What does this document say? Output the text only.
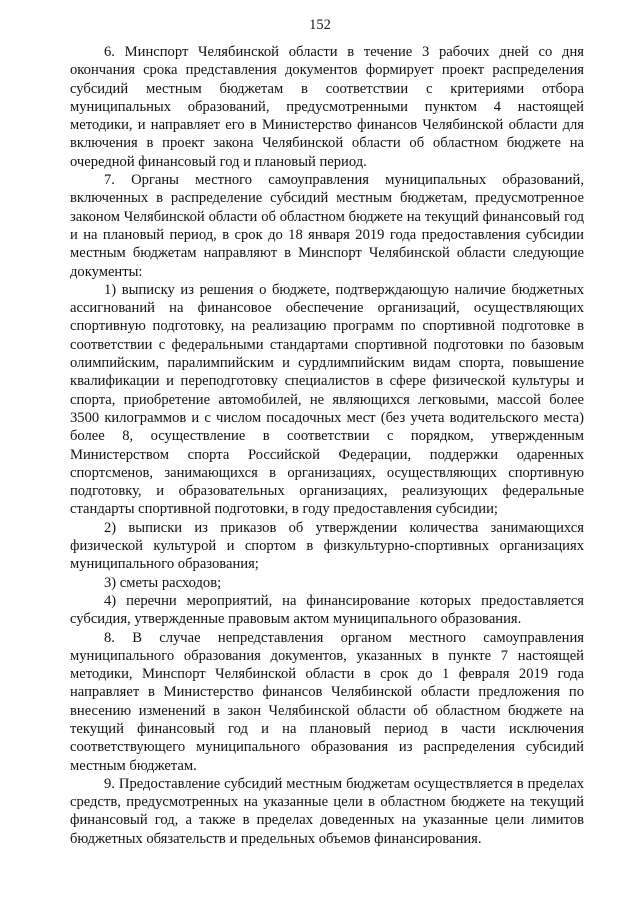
152

6. Минспорт Челябинской области в течение 3 рабочих дней со дня окончания срока представления документов формирует проект распределения субсидий местным бюджетам в соответствии с критериями отбора муниципальных образований, предусмотренными пунктом 4 настоящей методики, и направляет его в Министерство финансов Челябинской области для включения в проект закона Челябинской области об областном бюджете на очередной финансовый год и плановый период.

7. Органы местного самоуправления муниципальных образований, включенных в распределение субсидий местным бюджетам, предусмотренное законом Челябинской области об областном бюджете на текущий финансовый год и на плановый период, в срок до 18 января 2019 года предоставления субсидии местным бюджетам направляют в Минспорт Челябинской области следующие документы:

1) выписку из решения о бюджете, подтверждающую наличие бюджетных ассигнований на финансовое обеспечение организаций, осуществляющих спортивную подготовку, на реализацию программ по спортивной подготовке в соответствии с федеральными стандартами спортивной подготовки по базовым олимпийским, паралимпийским и сурдлимпийским видам спорта, повышение квалификации и переподготовку специалистов в сфере физической культуры и спорта, приобретение автомобилей, не являющихся легковыми, массой более 3500 килограммов и с числом посадочных мест (без учета водительского места) более 8, осуществление в соответствии с порядком, утвержденным Министерством спорта Российской Федерации, поддержки одаренных спортсменов, занимающихся в организациях, осуществляющих спортивную подготовку, и образовательных организациях, реализующих федеральные стандарты спортивной подготовки, в году предоставления субсидии;

2) выписки из приказов об утверждении количества занимающихся физической культурой и спортом в физкультурно-спортивных организациях муниципального образования;

3) сметы расходов;

4) перечни мероприятий, на финансирование которых предоставляется субсидия, утвержденные правовым актом муниципального образования.

8. В случае непредставления органом местного самоуправления муниципального образования документов, указанных в пункте 7 настоящей методики, Минспорт Челябинской области в срок до 1 февраля 2019 года направляет в Министерство финансов Челябинской области предложения по внесению изменений в закон Челябинской области об областном бюджете на текущий финансовый год и на плановый период в части исключения соответствующего муниципального образования из распределения субсидий местным бюджетам.

9. Предоставление субсидий местным бюджетам осуществляется в пределах средств, предусмотренных на указанные цели в областном бюджете на текущий финансовый год, а также в пределах доведенных на указанные цели лимитов бюджетных обязательств и предельных объемов финансирования.
